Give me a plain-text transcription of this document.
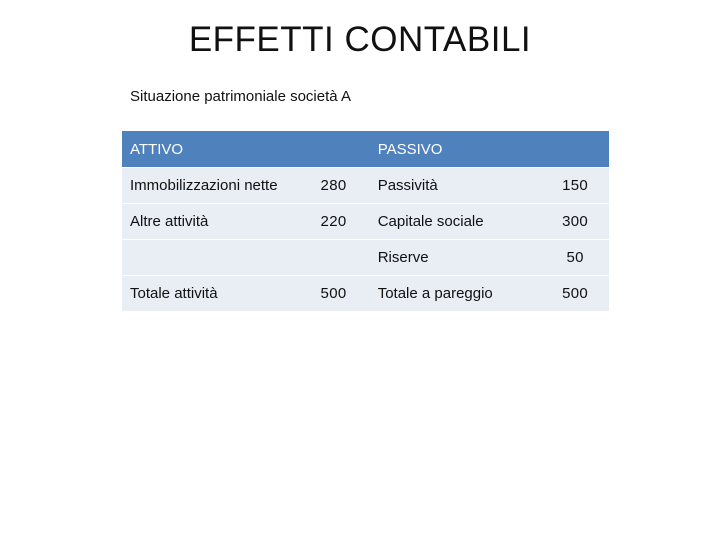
EFFETTI CONTABILI

Situazione patrimoniale società A

ATTIVO		PASSIVO	
Immobilizzazioni nette	280	Passività	150
Altre attività	220	Capitale sociale	300
		Riserve	50
Totale attività	500	Totale a pareggio	500
